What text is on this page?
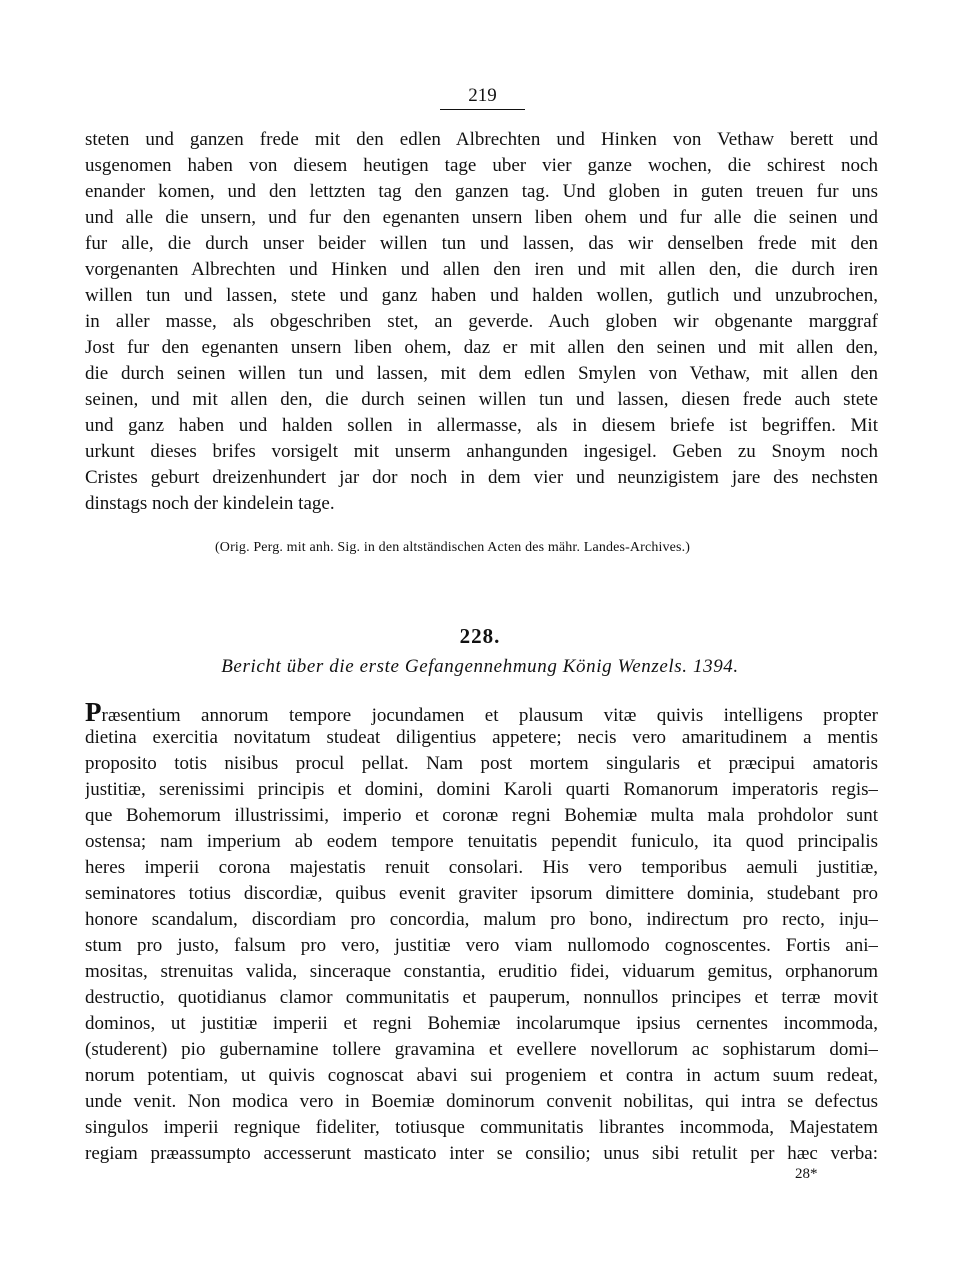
219
steten und ganzen frede mit den edlen Albrechten und Hinken von Vethaw berett und
usgenomen haben von diesem heutigen tage uber vier ganze wochen, die schirest noch
enander komen, und den lettzten tag den ganzen tag. Und globen in guten treuen fur uns
und alle die unsern, und fur den egenanten unsern liben ohem und fur alle die seinen und
fur alle, die durch unser beider willen tun und lassen, das wir denselben frede mit den
vorgenanten Albrechten und Hinken und allen den iren und mit allen den, die durch iren
willen tun und lassen, stete und ganz haben und halden wollen, gutlich und unzubrochen,
in aller masse, als obgeschriben stet, an geverde. Auch globen wir obgenante marggraf
Jost fur den egenanten unsern liben ohem, daz er mit allen den seinen und mit allen den,
die durch seinen willen tun und lassen, mit dem edlen Smylen von Vethaw, mit allen den
seinen, und mit allen den, die durch seinen willen tun und lassen, diesen frede auch stete
und ganz haben und halden sollen in allermasse, als in diesem briefe ist begriffen. Mit
urkunt dieses brifes vorsigelt mit unserm anhangunden ingesigel. Geben zu Snoym noch
Cristes geburt dreizenhundert jar dor noch in dem vier und neunzigistem jare des nechsten
dinstags noch der kindelein tage.
(Orig. Perg. mit anh. Sig. in den altständischen Acten des mähr. Landes-Archives.)
228.
Bericht über die erste Gefangennehmung König Wenzels. 1394.
Præsentium annorum tempore jocundamen et plausum vitæ quivis intelligens propter
dietina exercitia novitatum studeat diligentius appetere; necis vero amaritudinem a mentis
proposito totis nisibus procul pellat. Nam post mortem singularis et præcipui amatoris
justitiæ, serenissimi principis et domini, domini Karoli quarti Romanorum imperatoris regis–
que Bohemorum illustrissimi, imperio et coronæ regni Bohemiæ multa mala prohdolor sunt
ostensa; nam imperium ab eodem tempore tenuitatis pependit funiculo, ita quod principalis
heres imperii corona majestatis renuit consolari. His vero temporibus aemuli justitiæ,
seminatores totius discordiæ, quibus evenit graviter ipsorum dimittere dominia, studebant pro
honore scandalum, discordiam pro concordia, malum pro bono, indirectum pro recto, inju–
stum pro justo, falsum pro vero, justitiæ vero viam nullomodo cognoscentes. Fortis ani–
mositas, strenuitas valida, sinceraque constantia, eruditio fidei, viduarum gemitus, orphanorum
destructio, quotidianus clamor communitatis et pauperum, nonnullos principes et terræ movit
dominos, ut justitiæ imperii et regni Bohemiæ incolarumque ipsius cernentes incommoda,
(studerent) pio gubernamine tollere gravamina et evellere novellorum ac sophistarum domi–
norum potentiam, ut quivis cognoscat abavi sui progeniem et contra in actum suum redeat,
unde venit. Non modica vero in Boemiæ dominorum convenit nobilitas, qui intra se defectus
singulos imperii regnique fideliter, totiusque communitatis librantes incommoda, Majestatem
regiam præassumpto accesserunt masticato inter se consilio; unus sibi retulit per hæc verba:
28*
